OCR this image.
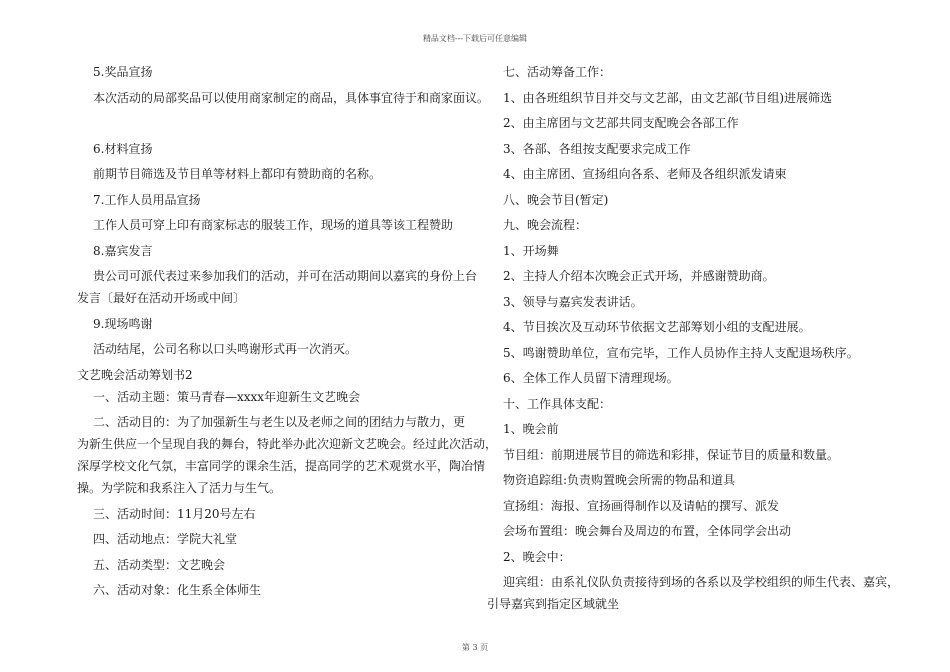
精品文档---下载后可任意编辑

5.奖品宣扬

本次活动的局部奖品可以使用商家制定的商品，具体事宜待于和商家面议。

6.材料宣扬

前期节目筛选及节目单等材料上都印有赞助商的名称。

7.工作人员用品宣扬

工作人员可穿上印有商家标志的服装工作，现场的道具等该工程赞助

8.嘉宾发言

贵公司可派代表过来参加我们的活动，并可在活动期间以嘉宾的身份上台

发言〔最好在活动开场或中间〕

9.现场鸣谢

活动结尾，公司名称以口头鸣谢形式再一次消灭。

文艺晚会活动筹划书2

一、活动主题：策马青春—xxxx年迎新生文艺晚会

二、活动目的：为了加强新生与老生以及老师之间的团结力与散力，更

为新生供应一个呈现自我的舞台，特此举办此次迎新文艺晚会。经过此次活动，

深厚学校文化气氛，丰富同学的课余生活，提高同学的艺术观赏水平，陶冶情

操。为学院和我系注入了活力与生气。

三、活动时间：11月20号左右

四、活动地点：学院大礼堂

五、活动类型：文艺晚会

六、活动对象：化生系全体师生

七、活动筹备工作：

1、由各班组织节目并交与文艺部，由文艺部(节目组)进展筛选

2、由主席团与文艺部共同支配晚会各部工作

3、各部、各组按支配要求完成工作

4、由主席团、宣扬组向各系、老师及各组织派发请柬

八、晚会节目(暂定)

九、晚会流程：

1、开场舞

2、主持人介绍本次晚会正式开场，并感谢赞助商。

3、领导与嘉宾发表讲话。

4、节目挨次及互动环节依据文艺部筹划小组的支配进展。

5、鸣谢赞助单位，宣布完毕，工作人员协作主持人支配退场秩序。

6、全体工作人员留下清理现场。

十、工作具体支配：

1、晚会前

节目组：前期进展节目的筛选和彩排，保证节目的质量和数量。

物资追踪组:负责购置晚会所需的物品和道具

宣扬组：海报、宣扬画得制作以及请帖的撰写、派发

会场布置组：晚会舞台及周边的布置，全体同学会出动

2、晚会中：

迎宾组：由系礼仪队负责接待到场的各系以及学校组织的师生代表、嘉宾，

引导嘉宾到指定区域就坐

第 3 页
